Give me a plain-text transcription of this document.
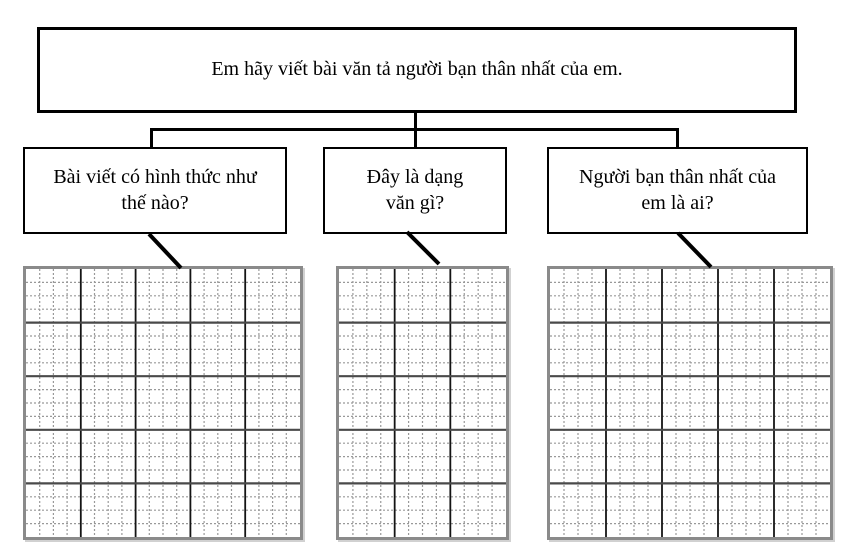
Em hãy viết bài văn tả người bạn thân nhất của em.
Bài viết có hình thức như
thế nào?
Đây là dạng
văn gì?
Người bạn thân nhất của
em là ai?
